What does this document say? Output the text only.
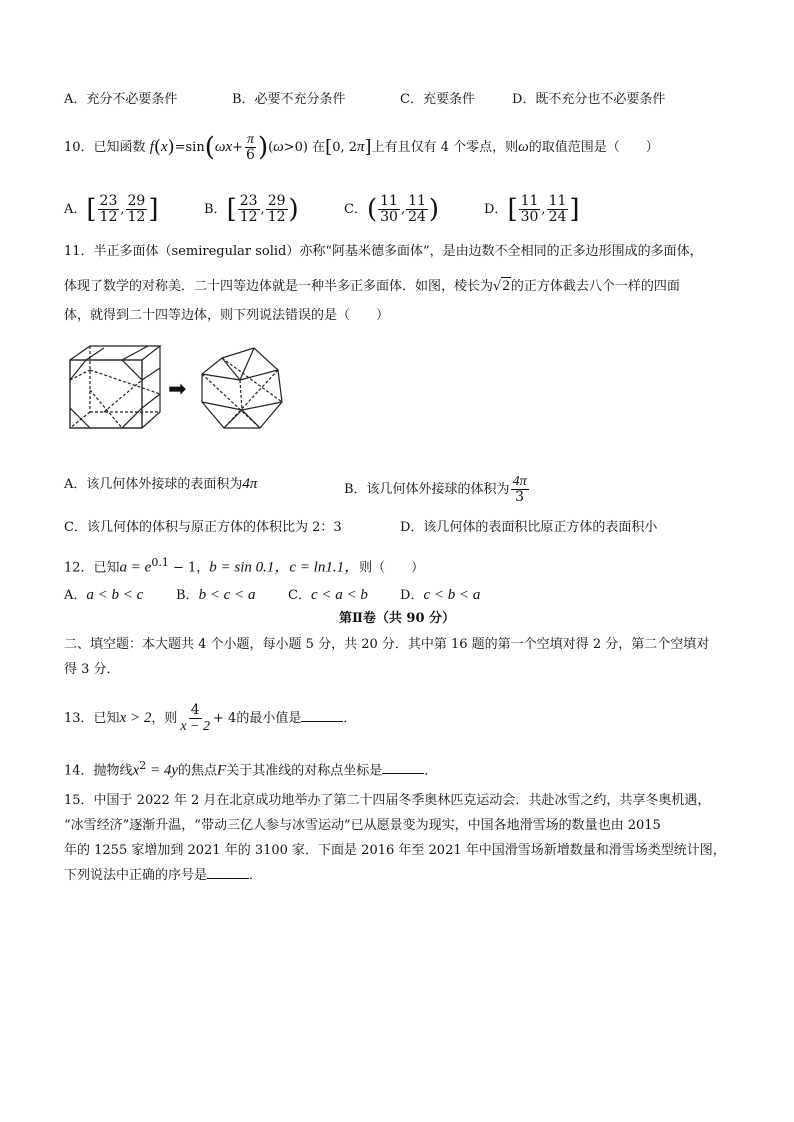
A．充分不必要条件	B．必要不充分条件	C．充要条件	D．既不充分也不必要条件
10．已知函数 $f(x)=\sin(\omega x+ \frac{\pi}{6} )(\omega>0)$ 在[0, 2π]上有且仅有 4 个零点，则ω的取值范围是（　　）
A．[ $\frac{23}{12}$ , $\frac{29}{12}$ ]	B．[ $\frac{23}{12}$ , $\frac{29}{12}$ )	C．( $\frac{11}{30}$ , $\frac{11}{24}$ )	D．[ $\frac{11}{30}$ , $\frac{11}{24}$ ]
11．半正多面体（semiregular solid）亦称“阿基米德多面体”，是由边数不全相同的正多边形围成的多面体，
体现了数学的对称美．二十四等边体就是一种半多正多面体．如图，棱长为√2的正方体截去八个一样的四面
体，就得到二十四等边体，则下列说法错误的是（　　）
➡
A．该几何体外接球的表面积为4π	B．该几何体外接球的体积为 $\frac{4\pi}{3}$
C．该几何体的体积与原正方体的体积比为 2：3	D．该几何体的表面积比原正方体的表面积小
12．已知$a = e^{0.1} - 1$，b = sin 0.1，c = ln1.1，则（　　）
A．a < b < c	B．b < c < a	C．c < a < b D．c < b < a
第Ⅱ卷（共 90 分）
二、填空题：本大题共 4 个小题，每小题 5 分，共 20 分．其中第 16 题的第一个空填对得 2 分，第二个空填对
得 3 分．
13．已知x > 2，则 $\frac{4}{x - 2} + 4$的最小值是	．
14．抛物线$x^2 = 4y$的焦点F关于其准线的对称点坐标是	．
15．中国于 2022 年 2 月在北京成功地举办了第二十四届冬季奥林匹克运动会．共赴冰雪之约，共享冬奥机遇，
“冰雪经济”逐渐升温，“带动三亿人参与冰雪运动”已从愿景变为现实，中国各地滑雪场的数量也由 2015
年的 1255 家增加到 2021 年的 3100 家．下面是 2016 年至 2021 年中国滑雪场新增数量和滑雪场类型统计图，
下列说法中正确的序号是	．
